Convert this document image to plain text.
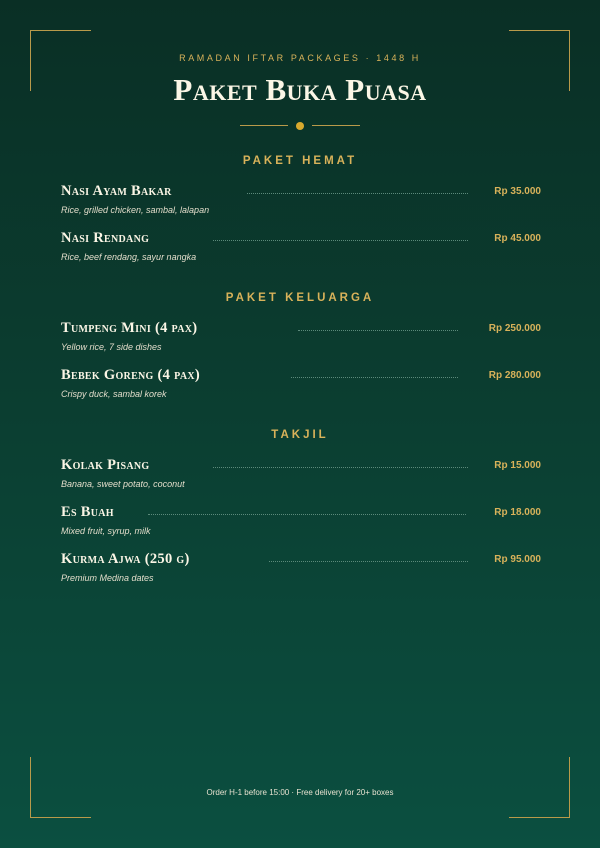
RAMADAN IFTAR PACKAGES · 1448 H
Paket Buka Puasa
PAKET HEMAT
Nasi Ayam Bakar	Rp 35.000
Rice, grilled chicken, sambal, lalapan
Nasi Rendang	Rp 45.000
Rice, beef rendang, sayur nangka
PAKET KELUARGA
Tumpeng Mini (4 pax)	Rp 250.000
Yellow rice, 7 side dishes
Bebek Goreng (4 pax)	Rp 280.000
Crispy duck, sambal korek
TAKJIL
Kolak Pisang	Rp 15.000
Banana, sweet potato, coconut
Es Buah	Rp 18.000
Mixed fruit, syrup, milk
Kurma Ajwa (250 g)	Rp 95.000
Premium Medina dates
Order H-1 before 15:00 · Free delivery for 20+ boxes
